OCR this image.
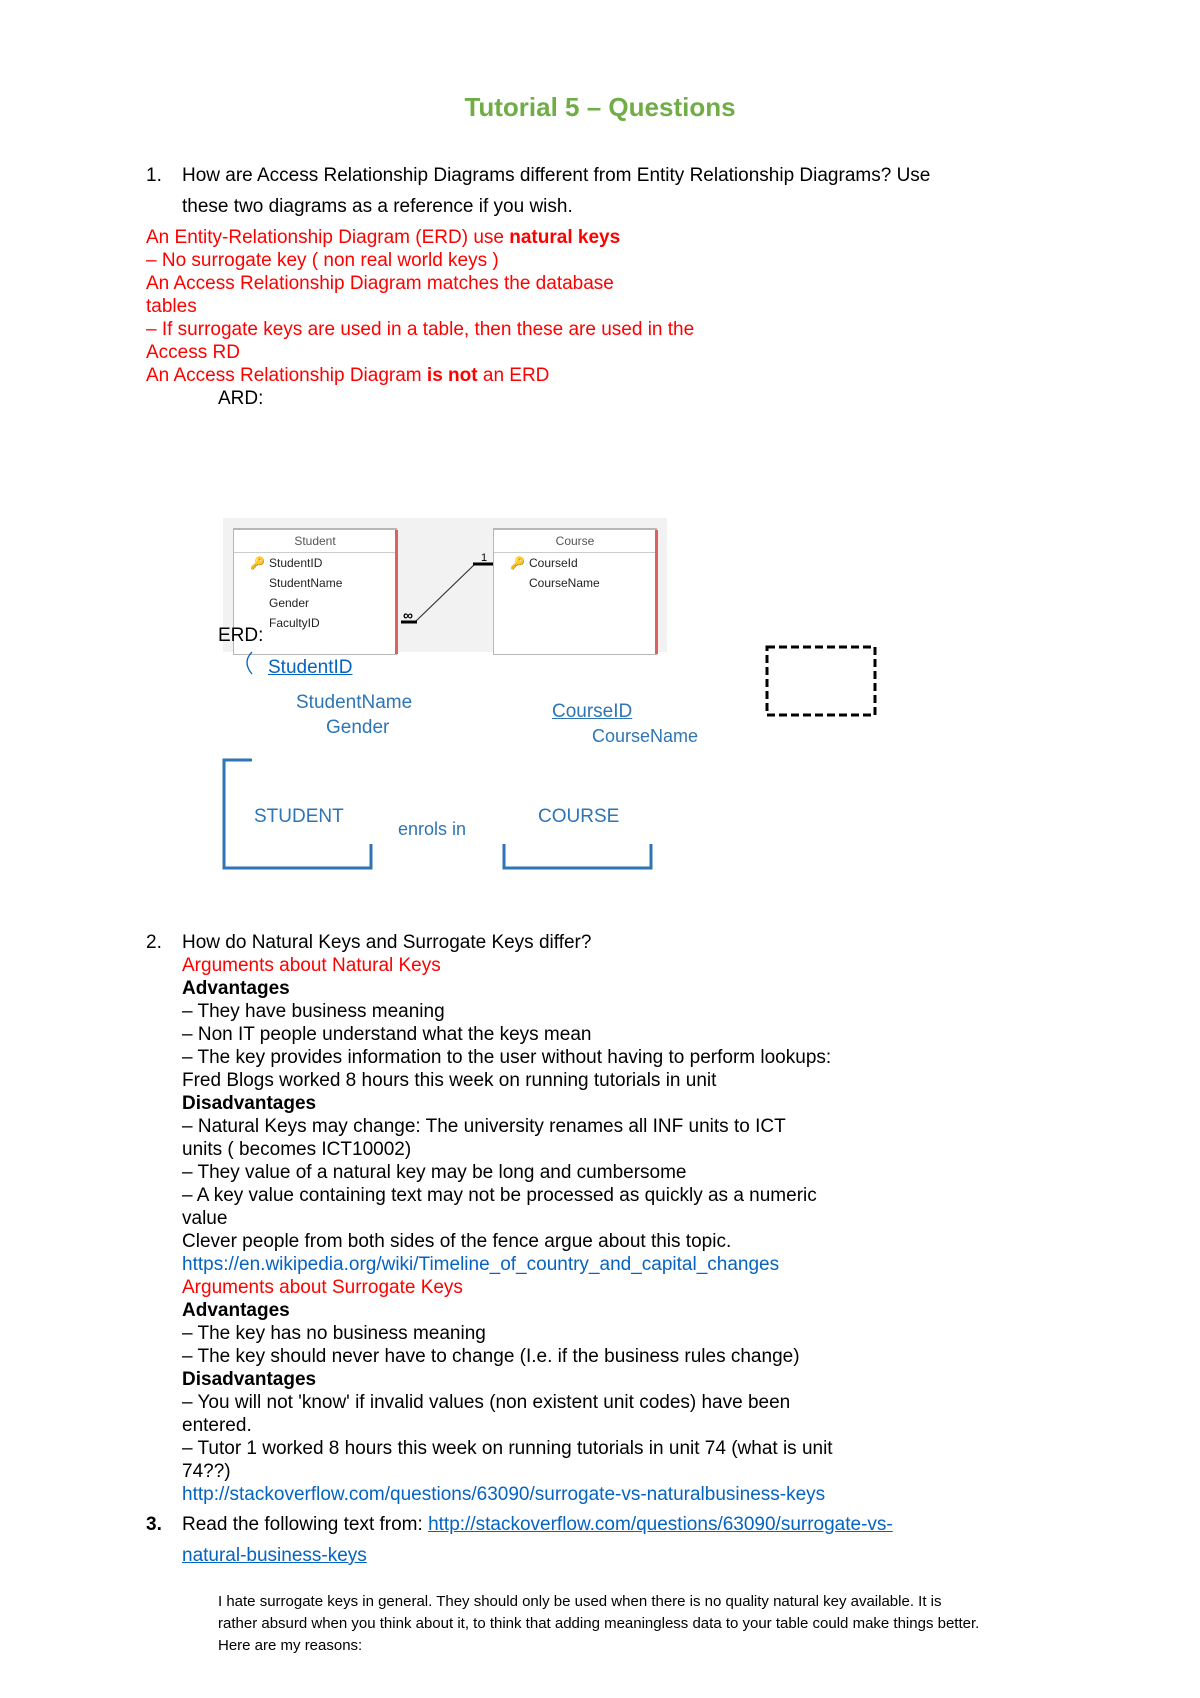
Tutorial 5 – Questions
1. How are Access Relationship Diagrams different from Entity Relationship Diagrams? Use
these two diagrams as a reference if you wish.
An Entity-Relationship Diagram (ERD) use natural keys
– No surrogate key ( non real world keys )
An Access Relationship Diagram matches the database
tables
– If surrogate keys are used in a table, then these are used in the
Access RD
An Access Relationship Diagram is not an ERD
ARD:
Student
🔑 StudentID
StudentName
Gender
FacultyID
1
∞
Course
🔑 CourseId
CourseName
ERD:
StudentID
StudentName
Gender
CourseID
CourseName
STUDENT
enrols in
COURSE
2. How do Natural Keys and Surrogate Keys differ?
Arguments about Natural Keys
Advantages
– They have business meaning
– Non IT people understand what the keys mean
– The key provides information to the user without having to perform lookups:
Fred Blogs worked 8 hours this week on running tutorials in unit
Disadvantages
– Natural Keys may change: The university renames all INF units to ICT
units ( becomes ICT10002)
– They value of a natural key may be long and cumbersome
– A key value containing text may not be processed as quickly as a numeric
value
Clever people from both sides of the fence argue about this topic.
https://en.wikipedia.org/wiki/Timeline_of_country_and_capital_changes
Arguments about Surrogate Keys
Advantages
– The key has no business meaning
– The key should never have to change (I.e. if the business rules change)
Disadvantages
– You will not 'know' if invalid values (non existent unit codes) have been
entered.
– Tutor 1 worked 8 hours this week on running tutorials in unit 74 (what is unit
74??)
http://stackoverflow.com/questions/63090/surrogate-vs-naturalbusiness-keys
3. Read the following text from: http://stackoverflow.com/questions/63090/surrogate-vs-
natural-business-keys
I hate surrogate keys in general. They should only be used when there is no quality natural key available. It is
rather absurd when you think about it, to think that adding meaningless data to your table could make things better.
Here are my reasons:
